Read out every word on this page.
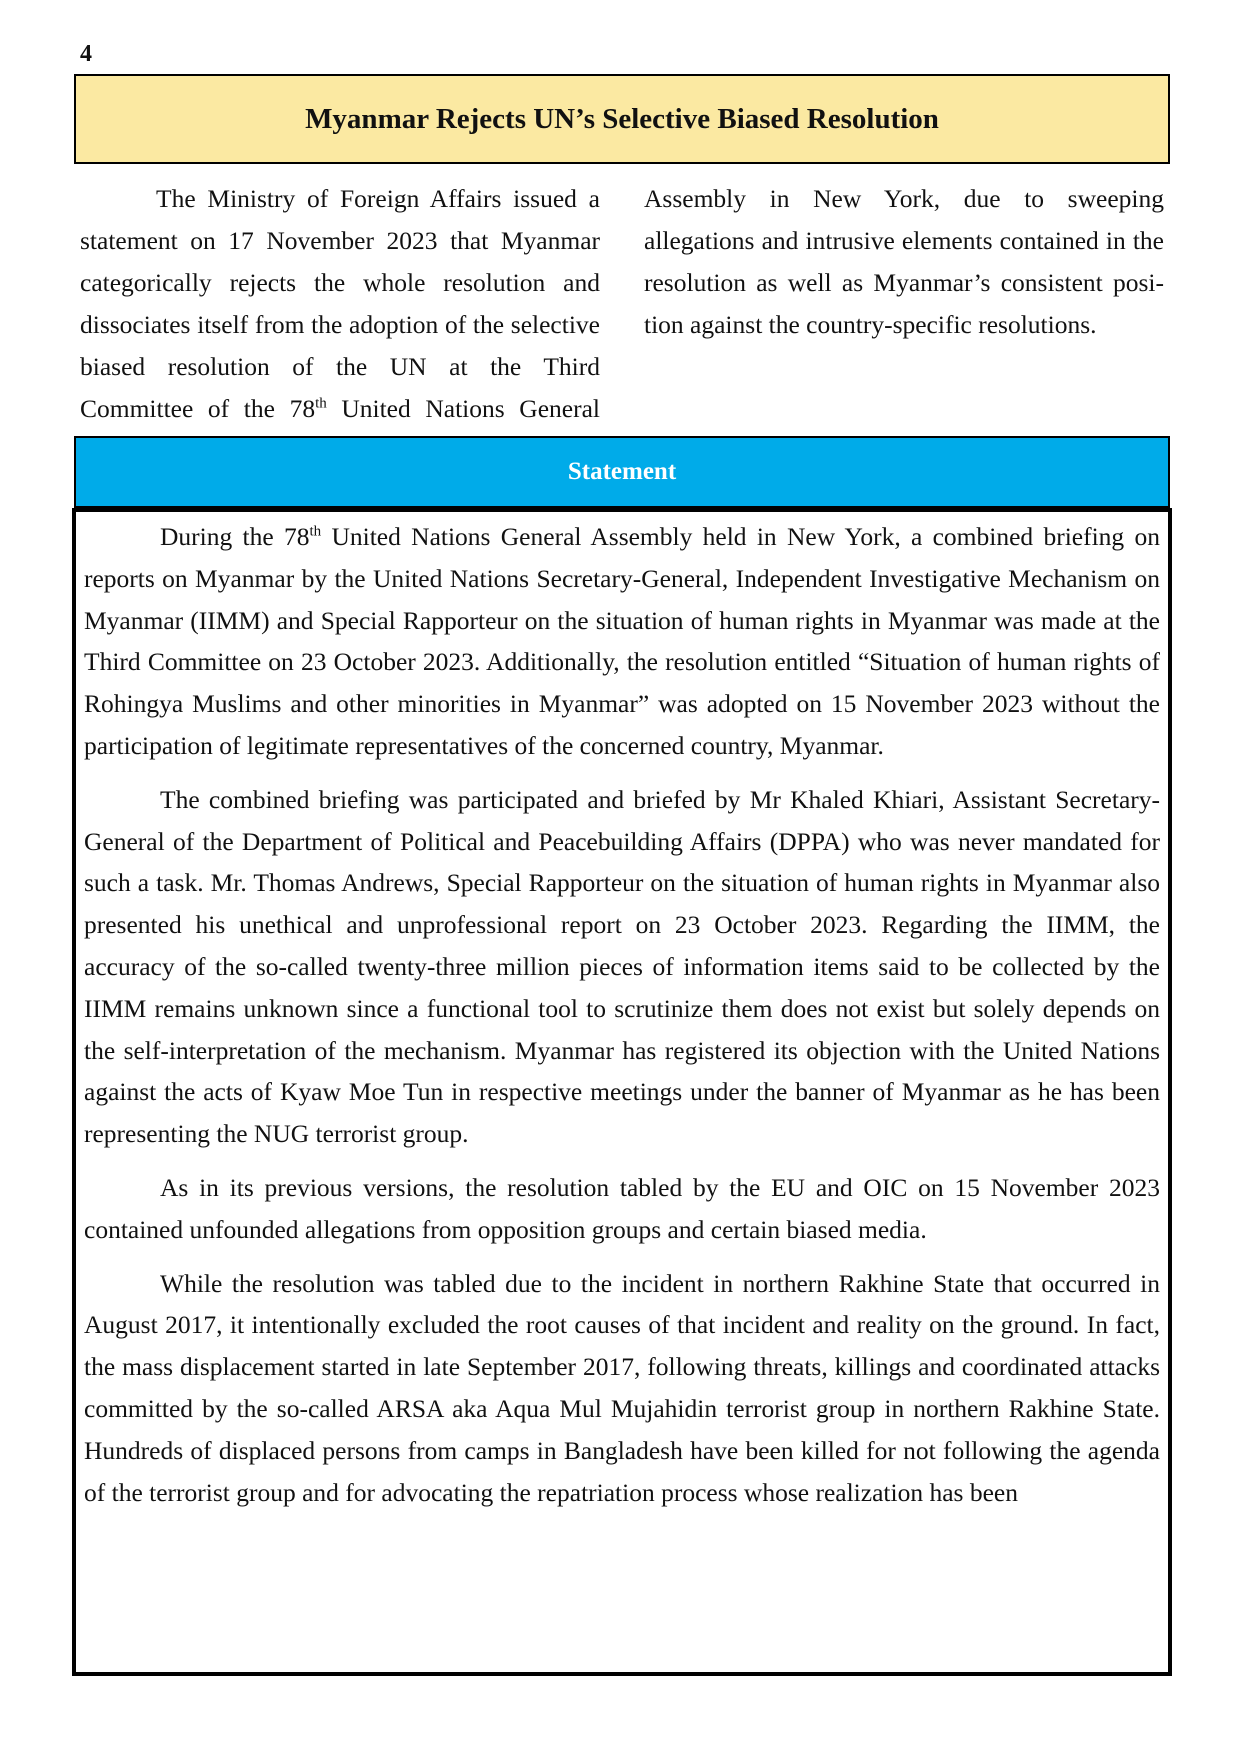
4
Myanmar Rejects UN’s Selective Biased Resolution

The Ministry of Foreign Affairs issued a statement on 17 November 2023 that Myanmar categorically rejects the whole resolution and dissociates itself from the adoption of the selective biased resolution of the UN at the Third Committee of the 78th United Nations General Assembly in New York, due to sweeping allegations and intrusive elements contained in the resolution as well as Myanmar’s consistent position against the country-specific resolutions.

Statement

During the 78th United Nations General Assembly held in New York, a combined briefing on reports on Myanmar by the United Nations Secretary-General, Independent Investigative Mechanism on Myanmar (IIMM) and Special Rapporteur on the situation of human rights in Myanmar was made at the Third Committee on 23 October 2023. Additionally, the resolution entitled “Situation of human rights of Rohingya Muslims and other minorities in Myanmar” was adopted on 15 November 2023 without the participation of legitimate representatives of the concerned country, Myanmar.

The combined briefing was participated and briefed by Mr Khaled Khiari, Assistant Secretary-General of the Department of Political and Peacebuilding Affairs (DPPA) who was never mandated for such a task. Mr. Thomas Andrews, Special Rapporteur on the situation of human rights in Myanmar also presented his unethical and unprofessional report on 23 October 2023. Regarding the IIMM, the accuracy of the so-called twenty-three million pieces of information items said to be collected by the IIMM remains unknown since a functional tool to scrutinize them does not exist but solely depends on the self-interpretation of the mechanism. Myanmar has registered its objection with the United Nations against the acts of Kyaw Moe Tun in respective meetings under the banner of Myanmar as he has been representing the NUG terrorist group.

As in its previous versions, the resolution tabled by the EU and OIC on 15 November 2023 contained unfounded allegations from opposition groups and certain biased media.

While the resolution was tabled due to the incident in northern Rakhine State that occurred in August 2017, it intentionally excluded the root causes of that incident and reality on the ground. In fact, the mass displacement started in late September 2017, following threats, killings and coordinated attacks committed by the so-called ARSA aka Aqua Mul Mujahidin terrorist group in northern Rakhine State. Hundreds of displaced persons from camps in Bangladesh have been killed for not following the agenda of the terrorist group and for advocating the repatriation process whose realization has been
